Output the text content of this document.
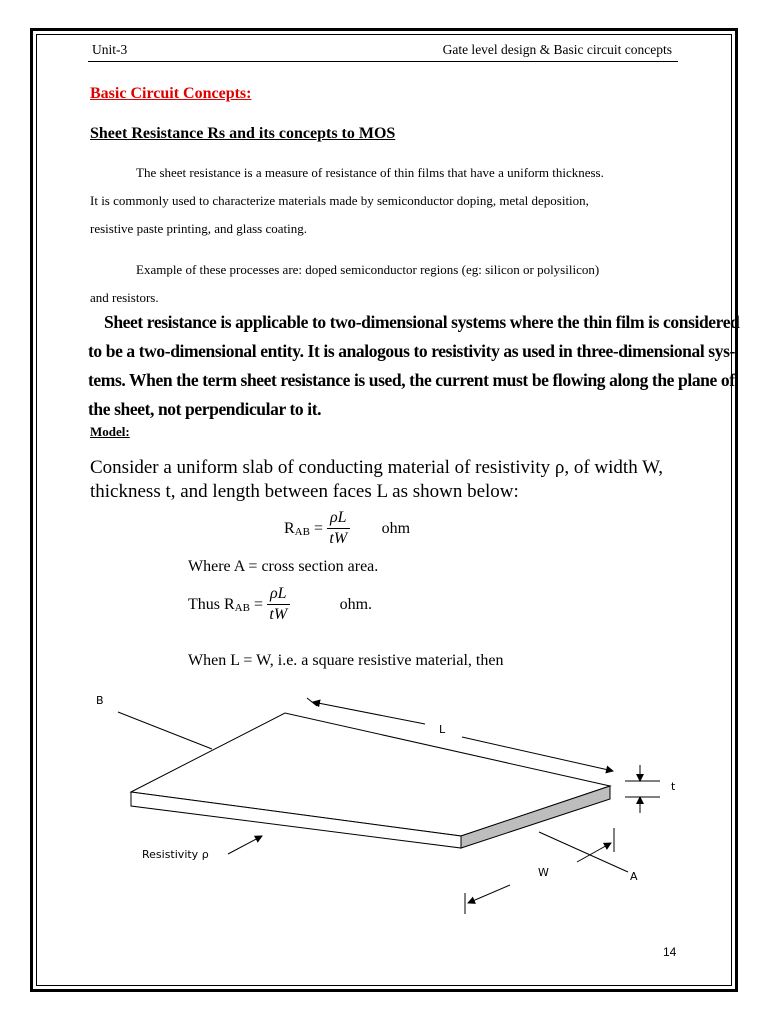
Unit-3	Gate level design & Basic circuit concepts
Basic Circuit Concepts:
Sheet Resistance Rs and its concepts to MOS
The sheet resistance is a measure of resistance of thin films that have a uniform thickness.
It is commonly used to characterize materials made by semiconductor doping, metal deposition,
resistive paste printing, and glass coating.
Example of these processes are: doped semiconductor regions (eg: silicon or polysilicon)
and resistors.
Sheet resistance is applicable to two-dimensional systems where the thin film is considered
to be a two-dimensional entity. It is analogous to resistivity as used in three-dimensional sys-
tems. When the term sheet resistance is used, the current must be flowing along the plane of
the sheet, not perpendicular to it.
Model:
Consider a uniform slab of conducting material of resistivity ρ, of width W,
thickness t, and length between faces L as shown below:
RAB = $\frac{\rho L}{tW}$ ohm
Where A = cross section area.
Thus RAB = $\frac{\rho L}{tW}$	ohm.
When L = W, i.e. a square resistive material, then
B
L
t
Resistivity ρ
W	A
14
